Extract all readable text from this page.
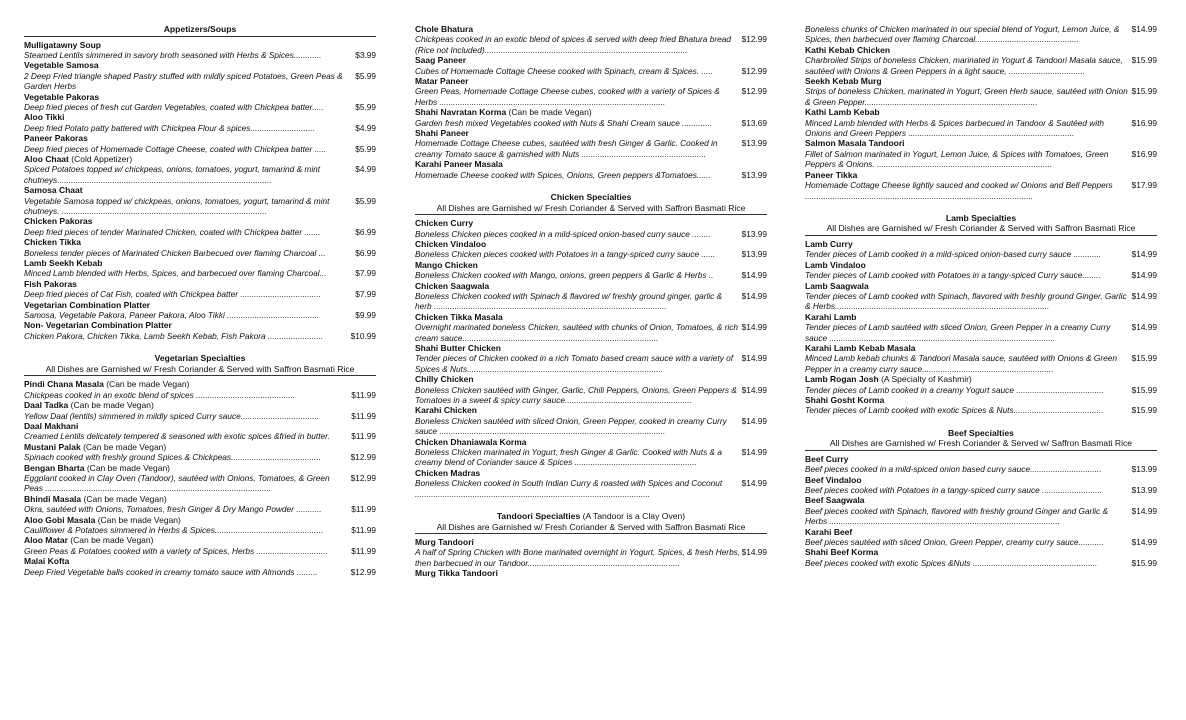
Appetizers/Soups
Mulligatawny Soup
$3.99
Steamed Lentils simmered in savory broth seasoned with Herbs & Spices............
Vegetable Samosa
$5.99
2 Deep Fried triangle shaped Pastry stuffed with mildly spiced Potatoes, Green Peas & Garden Herbs
Vegetable Pakoras
$5.99
Deep fried pieces of fresh cut Garden Vegetables, coated with Chickpea batter.....
Aloo Tikki
$4.99
Deep fried Potato patty battered with Chickpea Flour & spices............................
Paneer Pakoras
$5.99
Deep fried pieces of Homemade Cottage Cheese, coated with Chickpea batter .....
Aloo Chaat (Cold Appetizer)
$4.99
Spiced Potatoes topped w/ chickpeas, onions, tomatoes, yogurt, tamarind & mint chutneys.............................................................................................
Samosa Chaat
$5.99
Vegetable Samosa topped w/ chickpeas, onions, tomatoes, yogurt, tamarind & mint chutneys. .........................................................................................
Chicken Pakoras
$6.99
Deep fried pieces of tender Marinated Chicken, coated with Chickpea batter .......
Chicken Tikka
$6.99
Boneless tender pieces of Marinated Chicken Barbecued over flaming Charcoal ...
Lamb Seekh Kebab
$7.99
Minced Lamb blended with Herbs, Spices, and barbecued over flaming Charcoal...
Fish Pakoras
$7.99
Deep fried pieces of Cat Fish, coated with Chickpea batter ...................................
Vegetarian Combination Platter
$9.99
Samosa, Vegetable Pakora, Paneer Pakora, Aloo Tikki ........................................
Non- Vegetarian Combination Platter
$10.99
Chicken Pakora, Chicken Tikka, Lamb Seekh Kebab, Fish Pakora ........................
Vegetarian Specialties
All Dishes are Garnished w/ Fresh Coriander & Served with Saffron Basmati Rice
Pindi Chana Masala (Can be made Vegan)
$11.99
Chickpeas cooked in an exotic blend of spices ...........................................
Daal Tadka (Can be made Vegan)
$11.99
Yellow Daal (lentils) simmered in mildly spiced Curry sauce..................................
Daal Makhani
$11.99
Creamed Lentils delicately tempered & seasoned with exotic spices &fried in butter.
Mustani Palak (Can be made Vegan)
$12.99
Spinach cooked with freshly ground Spices & Chickpeas.......................................
Bengan Bharta (Can be made Vegan)
$12.99
Eggplant cooked in Clay Oven (Tandoor), sautéed with Onions, Tomatoes, & Green Peas ..................................................................................................
Bhindi Masala (Can be made Vegan)
$11.99
Okra, sautéed with Onions, Tomatoes, fresh Ginger & Dry Mango Powder ...........
Aloo Gobi Masala (Can be made Vegan)
$11.99
Cauliflower & Potatoes simmered in Herbs & Spices...............................................
Aloo Matar (Can be made Vegan)
$11.99
Green Peas & Potatoes cooked with a variety of Spices, Herbs ...............................
Malai Kofta
$12.99
Deep Fried Vegetable balls cooked in creamy tomato sauce with Almonds .........
Chole Bhatura
$12.99
Chickpeas cooked in an exotic blend of spices & served with deep fried Bhatura bread (Rice not Included)........................................................................................
Saag Paneer
$12.99
Cubes of Homemade Cottage Cheese cooked with Spinach, cream & Spices. .....
Matar Paneer
$12.99
Green Peas, Homemade Cottage Cheese cubes, cooked with a variety of Spices & Herbs ..................................................................................................
Shahi Navratan Korma (Can be made Vegan)
$13.69
Garden fresh mixed Vegetables cooked with Nuts & Shahi Cream sauce .............
Shahi Paneer
$13.99
Homemade Cottage Cheese cubes, sautéed with fresh Ginger & Garlic. Cooked in creamy Tomato sauce & garnished with Nuts ......................................................
Karahi Paneer Masala
$13.99
Homemade Cheese cooked with Spices, Onions, Green peppers &Tomatoes......
Chicken Specialties
All Dishes are Garnished w/ Fresh Coriander & Served with Saffron Basmati Rice
Chicken Curry
$13.99
Boneless Chicken pieces cooked in a mild-spiced onion-based curry sauce ........
Chicken Vindaloo
$13.99
Boneless Chicken pieces cooked with Potatoes in a tangy-spiced curry sauce ......
Mango Chicken
$14.99
Boneless Chicken cooked with Mango, onions, green peppers & Garlic & Herbs ..
Chicken Saagwala
$14.99
Boneless Chicken cooked with Spinach & flavored w/ freshly ground ginger, garlic & herb .....................................................................................................
Chicken Tikka Masala
$14.99
Overnight marinated boneless Chicken, sautéed with chunks of Onion, Tomatoes, & rich cream sauce.....................................................................................
Shahi Butter Chicken
$14.99
Tender pieces of Chicken cooked in a rich Tomato based cream sauce with a variety of Spices & Nuts.....................................................................................
Chilly Chicken
$14.99
Boneless Chicken sautéed with Ginger, Garlic, Chili Peppers, Onions, Green Peppers & Tomatoes in a sweet & spicy curry sauce.......................................................
Karahi Chicken
$14.99
Boneless Chicken sautéed with sliced Onion, Green Pepper, cooked in creamy Curry sauce ..................................................................................................
Chicken Dhaniawala Korma
$14.99
Boneless Chicken marinated in Yogurt, fresh Ginger & Garlic. Cooked with Nuts & a creamy blend of Coriander sauce & Spices .....................................................
Chicken Madras
$14.99
Boneless Chicken cooked in South Indian Curry & roasted with Spices and Coconut ......................................................................................................
Tandoori Specialties (A Tandoor is a Clay Oven)
All Dishes are Garnished w/ Fresh Coriander & Served with Saffron Basmati Rice
Murg Tandoori
$14.99
A half of Spring Chicken with Bone marinated overnight in Yogurt, Spices, & fresh Herbs, then barbecued in our Tandoor..................................................................
Murg Tikka Tandoori
$14.99
Boneless chunks of Chicken marinated in our special blend of Yogurt, Lemon Juice, & Spices, then barbecued over flaming Charcoal.............................................
Kathi Kebab Chicken
$15.99
Charbroiled Strips of boneless Chicken, marinated in Yogurt & Tandoori Masala sauce, sautéed with Onions & Green Peppers in a light sauce, .................................
Seekh Kebab Murg
$15.99
Strips of boneless Chicken, marinated in Yogurt, Green Herb sauce, sautéed with Onion & Green Pepper...........................................................................
Kathi Lamb Kebab
$16.99
Minced Lamb blended with Herbs & Spices barbecued in Tandoor & Sautéed with Onions and Green Peppers ........................................................................
Salmon Masala Tandoori
$16.99
Fillet of Salmon marinated in Yogurt, Lemon Juice, & Spices with Tomatoes, Green Peppers & Onions. ............................................................................
Paneer Tikka
$17.99
Homemade Cottage Cheese lightly sauced and cooked w/ Onions and Bell Peppers ...................................................................................................
Lamb Specialties
All Dishes are Garnished w/ Fresh Coriander & Served with Saffron Basmati Rice
Lamb Curry
$14.99
Tender pieces of Lamb cooked in a mild-spiced onion-based curry sauce ............
Lamb Vindaloo
$14.99
Tender pieces of Lamb cooked with Potatoes in a tangy-spiced Curry sauce........
Lamb Saagwala
$14.99
Tender pieces of Lamb cooked with Spinach, flavored with freshly ground Ginger, Garlic & Herbs.............................................................................................
Karahi Lamb
$14.99
Tender pieces of Lamb sautéed with sliced Onion, Green Pepper in a creamy Curry sauce ..................................................................................................
Karahi Lamb Kebab Masala
$15.99
Minced Lamb kebab chunks & Tandoori Masala sauce, sautéed with Onions & Green Pepper in a creamy curry sauce.........................................................
Lamb Rogan Josh (A Specialty of Kashmir)
$15.99
Tender pieces of Lamb cooked in a creamy Yogurt sauce ......................................
Shahi Gosht Korma
$15.99
Tender pieces of Lamb cooked with exotic Spices & Nuts.......................................
Beef Specialties
All Dishes are Garnished w/ Fresh Coriander & Served w/ Saffron Basmati Rice
Beef Curry
$13.99
Beef pieces cooked in a mild-spiced onion based curry sauce...............................
Beef Vindaloo
$13.99
Beef pieces cooked with Potatoes in a tangy-spiced curry sauce ..........................
Beef Saagwala
$14.99
Beef pieces cooked with Spinach, flavored with freshly ground Ginger and Garlic & Herbs ....................................................................................................
Karahi Beef
$14.99
Beef pieces sautéed with sliced Onion, Green Pepper, creamy curry sauce...........
Shahi Beef Korma
$15.99
Beef pieces cooked with exotic Spices &Nuts ......................................................
